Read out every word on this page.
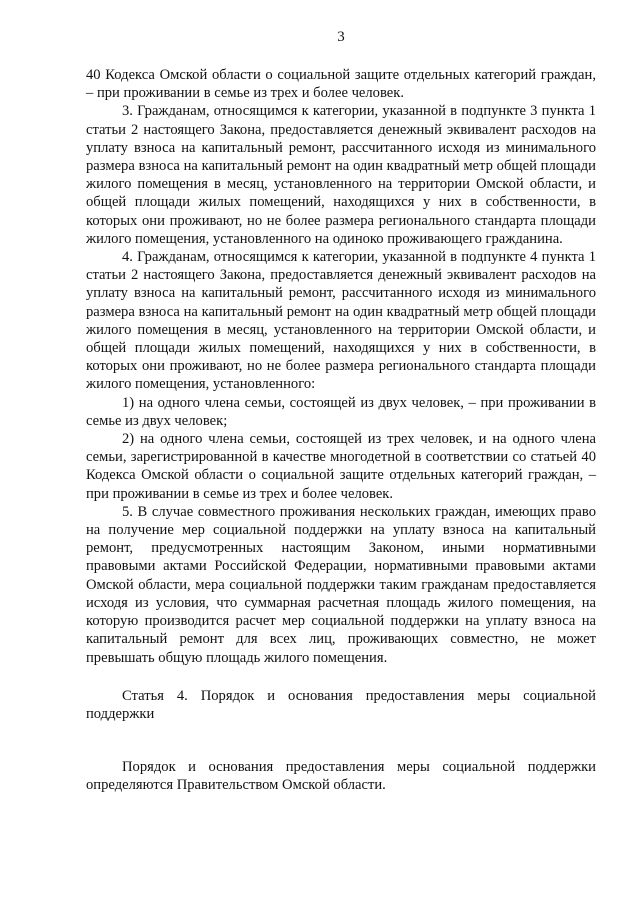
3

40 Кодекса Омской области о социальной защите отдельных категорий граждан, – при проживании в семье из трех и более человек.

3. Гражданам, относящимся к категории, указанной в подпункте 3 пункта 1 статьи 2 настоящего Закона, предоставляется денежный эквивалент расходов на уплату взноса на капитальный ремонт, рассчитанного исходя из минимального размера взноса на капитальный ремонт на один квадратный метр общей площади жилого помещения в месяц, установленного на территории Омской области, и общей площади жилых помещений, находящихся у них в собственности, в которых они проживают, но не более размера регионального стандарта площади жилого помещения, установленного на одиноко проживающего гражданина.

4. Гражданам, относящимся к категории, указанной в подпункте 4 пункта 1 статьи 2 настоящего Закона, предоставляется денежный эквивалент расходов на уплату взноса на капитальный ремонт, рассчитанного исходя из минимального размера взноса на капитальный ремонт на один квадратный метр общей площади жилого помещения в месяц, установленного на территории Омской области, и общей площади жилых помещений, находящихся у них в собственности, в которых они проживают, но не более размера регионального стандарта площади жилого помещения, установленного:

1) на одного члена семьи, состоящей из двух человек, – при проживании в семье из двух человек;

2) на одного члена семьи, состоящей из трех человек, и на одного члена семьи, зарегистрированной в качестве многодетной в соответствии со статьей 40 Кодекса Омской области о социальной защите отдельных категорий граждан, – при проживании в семье из трех и более человек.

5. В случае совместного проживания нескольких граждан, имеющих право на получение мер социальной поддержки на уплату взноса на капитальный ремонт, предусмотренных настоящим Законом, иными нормативными правовыми актами Российской Федерации, нормативными правовыми актами Омской области, мера социальной поддержки таким гражданам предоставляется исходя из условия, что суммарная расчетная площадь жилого помещения, на которую производится расчет мер социальной поддержки на уплату взноса на капитальный ремонт для всех лиц, проживающих совместно, не может превышать общую площадь жилого помещения.

Статья 4. Порядок и основания предоставления меры социальной поддержки

Порядок и основания предоставления меры социальной поддержки определяются Правительством Омской области.
